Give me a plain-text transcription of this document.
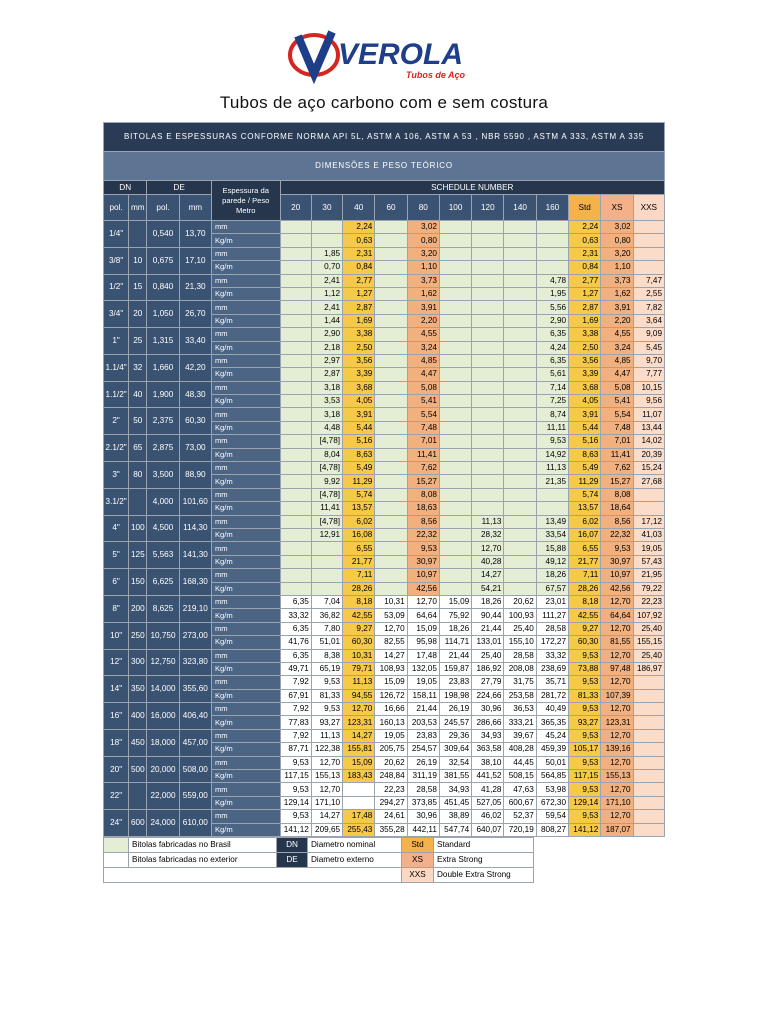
VEROLA
Tubos de Aço
Tubos de aço carbono com e sem costura
BITOLAS E ESPESSURAS CONFORME NORMA API 5L, ASTM A 106, ASTM A 53 , NBR 5590 , ASTM A 333, ASTM A 335
DIMENSÕES E PESO TEÓRICO
DN		DE		Espessura da parede / Peso Metro	SCHEDULE NUMBER											
pol.	mm	pol.	mm		20	30	40	60	80	100	120	140	160	Std	XS	XXS
1/4"		0,540	13,70	mm			2,24		3,02					2,24	3,02	
				Kg/m			0,63		0,80					0,63	0,80	
3/8"	10	0,675	17,10	mm		1,85	2,31		3,20					2,31	3,20	
				Kg/m		0,70	0,84		1,10					0,84	1,10	
1/2"	15	0,840	21,30	mm		2,41	2,77		3,73				4,78	2,77	3,73	7,47
				Kg/m		1,12	1,27		1,62				1,95	1,27	1,62	2,55
3/4"	20	1,050	26,70	mm		2,41	2,87		3,91				5,56	2,87	3,91	7,82
				Kg/m		1,44	1,69		2,20				2,90	1,69	2,20	3,64
1"	25	1,315	33,40	mm		2,90	3,38		4,55				6,35	3,38	4,55	9,09
				Kg/m		2,18	2,50		3,24				4,24	2,50	3,24	5,45
1.1/4"	32	1,660	42,20	mm		2,97	3,56		4,85				6,35	3,56	4,85	9,70
				Kg/m		2,87	3,39		4,47				5,61	3,39	4,47	7,77
1.1/2"	40	1,900	48,30	mm		3,18	3,68		5,08				7,14	3,68	5,08	10,15
				Kg/m		3,53	4,05		5,41				7,25	4,05	5,41	9,56
2"	50	2,375	60,30	mm		3,18	3,91		5,54				8,74	3,91	5,54	11,07
				Kg/m		4,48	5,44		7,48				11,11	5,44	7,48	13,44
2.1/2"	65	2,875	73,00	mm		[4,78]	5,16		7,01				9,53	5,16	7,01	14,02
				Kg/m		8,04	8,63		11,41				14,92	8,63	11,41	20,39
3"	80	3,500	88,90	mm		[4,78]	5,49		7,62				11,13	5,49	7,62	15,24
				Kg/m		9,92	11,29		15,27				21,35	11,29	15,27	27,68
3.1/2"		4,000	101,60	mm		[4,78]	5,74		8,08					5,74	8,08	
				Kg/m		11,41	13,57		18,63					13,57	18,64	
4"	100	4,500	114,30	mm		[4,78]	6,02		8,56		11,13		13,49	6,02	8,56	17,12
				Kg/m		12,91	16,08		22,32		28,32		33,54	16,07	22,32	41,03
5"	125	5,563	141,30	mm			6,55		9,53		12,70		15,88	6,55	9,53	19,05
				Kg/m			21,77		30,97		40,28		49,12	21,77	30,97	57,43
6"	150	6,625	168,30	mm			7,11		10,97		14,27		18,26	7,11	10,97	21,95
				Kg/m			28,26		42,56		54,21		67,57	28,26	42,56	79,22
8"	200	8,625	219,10	mm	6,35	7,04	8,18	10,31	12,70	15,09	18,26	20,62	23,01	8,18	12,70	22,23
				Kg/m	33,32	36,82	42,55	53,09	64,64	75,92	90,44	100,93	111,27	42,55	64,64	107,92
10"	250	10,750	273,00	mm	6,35	7,80	9,27	12,70	15,09	18,26	21,44	25,40	28,58	9,27	12,70	25,40
				Kg/m	41,76	51,01	60,30	82,55	95,98	114,71	133,01	155,10	172,27	60,30	81,55	155,15
12"	300	12,750	323,80	mm	6,35	8,38	10,31	14,27	17,48	21,44	25,40	28,58	33,32	9,53	12,70	25,40
				Kg/m	49,71	65,19	79,71	108,93	132,05	159,87	186,92	208,08	238,69	73,88	97,48	186,97
14"	350	14,000	355,60	mm	7,92	9,53	11,13	15,09	19,05	23,83	27,79	31,75	35,71	9,53	12,70	
				Kg/m	67,91	81,33	94,55	126,72	158,11	198,98	224,66	253,58	281,72	81,33	107,39	
16"	400	16,000	406,40	mm	7,92	9,53	12,70	16,66	21,44	26,19	30,96	36,53	40,49	9,53	12,70	
				Kg/m	77,83	93,27	123,31	160,13	203,53	245,57	286,66	333,21	365,35	93,27	123,31	
18"	450	18,000	457,00	mm	7,92	11,13	14,27	19,05	23,83	29,36	34,93	39,67	45,24	9,53	12,70	
				Kg/m	87,71	122,38	155,81	205,75	254,57	309,64	363,58	408,28	459,39	105,17	139,16	
20"	500	20,000	508,00	mm	9,53	12,70	15,09	20,62	26,19	32,54	38,10	44,45	50,01	9,53	12,70	
				Kg/m	117,15	155,13	183,43	248,84	311,19	381,55	441,52	508,15	564,85	117,15	155,13	
22"		22,000	559,00	mm	9,53	12,70		22,23	28,58	34,93	41,28	47,63	53,98	9,53	12,70	
				Kg/m	129,14	171,10		294,27	373,85	451,45	527,05	600,67	672,30	129,14	171,10	
24"	600	24,000	610,00	mm	9,53	14,27	17,48	24,61	30,96	38,89	46,02	52,37	59,54	9,53	12,70	
				Kg/m	141,12	209,65	255,43	355,28	442,11	547,74	640,07	720,19	808,27	141,12	187,07	
	Bitolas fabricadas no Brasil	DN	Diametro nominal	Std	Standard	
	Bitolas fabricadas no exterior	DE	Diametro externo	XS	Extra Strong	
				XXS	Double Extra Strong	
